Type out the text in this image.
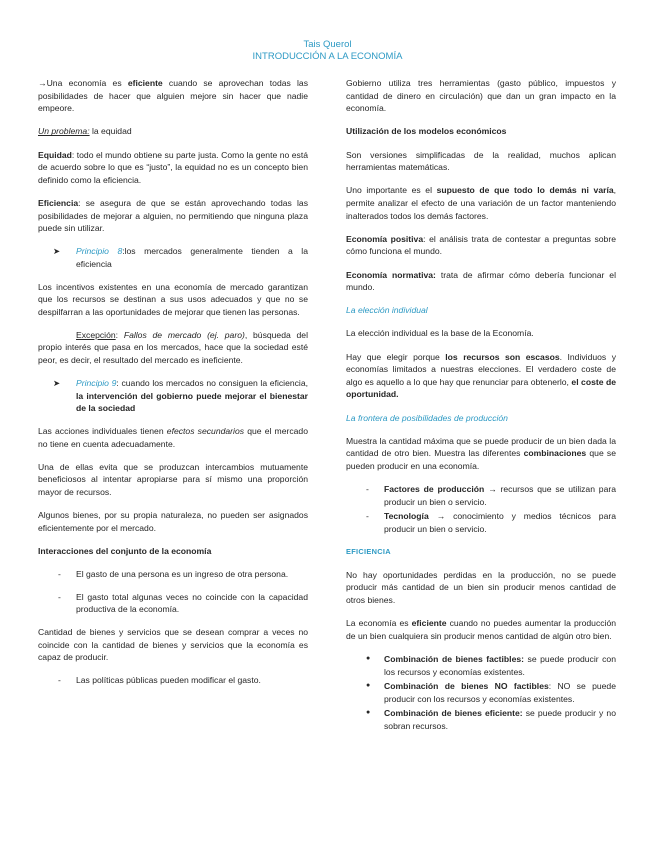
Tais Querol
INTRODUCCIÓN A LA ECONOMÍA

→Una economía es eficiente cuando se aprovechan todas las posibilidades de hacer que alguien mejore sin hacer que nadie empeore.

Un problema: la equidad

Equidad: todo el mundo obtiene su parte justa. Como la gente no está de acuerdo sobre lo que es “justo”, la equidad no es un concepto bien definido como la eficiencia.

Eficiencia: se asegura de que se están aprovechando todas las posibilidades de mejorar a alguien, no permitiendo que ninguna plaza puede sin utilizar.

➤ Principio 8:los mercados generalmente tienden a la eficiencia

Los incentivos existentes en una economía de mercado garantizan que los recursos se destinan a sus usos adecuados y que no se despilfarran a las oportunidades de mejorar que tienen las personas.

Excepción: Fallos de mercado (ej. paro), búsqueda del propio interés que pasa en los mercados, hace que la sociedad esté peor, es decir, el resultado del mercado es ineficiente.

➤ Principio 9: cuando los mercados no consiguen la eficiencia, la intervención del gobierno puede mejorar el bienestar de la sociedad

Las acciones individuales tienen efectos secundarios que el mercado no tiene en cuenta adecuadamente.

Una de ellas evita que se produzcan intercambios mutuamente beneficiosos al intentar apropiarse para sí mismo una proporción mayor de recursos.

Algunos bienes, por su propia naturaleza, no pueden ser asignados eficientemente por el mercado.

Interacciones del conjunto de la economía

- El gasto de una persona es un ingreso de otra persona.
- El gasto total algunas veces no coincide con la capacidad productiva de la economía.

Cantidad de bienes y servicios que se desean comprar a veces no coincide con la cantidad de bienes y servicios que la economía es capaz de producir.

- Las políticas públicas pueden modificar el gasto.

Gobierno utiliza tres herramientas (gasto público, impuestos y cantidad de dinero en circulación) que dan un gran impacto en la economía.

Utilización de los modelos económicos

Son versiones simplificadas de la realidad, muchos aplican herramientas matemáticas.

Uno importante es el supuesto de que todo lo demás ni varía, permite analizar el efecto de una variación de un factor manteniendo inalterados todos los demás factores.

Economía positiva: el análisis trata de contestar a preguntas sobre cómo funciona el mundo.

Economía normativa: trata de afirmar cómo debería funcionar el mundo.

La elección individual

La elección individual es la base de la Economía.

Hay que elegir porque los recursos son escasos. Individuos y economías limitados a nuestras elecciones. El verdadero coste de algo es aquello a lo que hay que renunciar para obtenerlo, el coste de oportunidad.

La frontera de posibilidades de producción

Muestra la cantidad máxima que se puede producir de un bien dada la cantidad de otro bien. Muestra las diferentes combinaciones que se pueden producir en una economía.

- Factores de producción → recursos que se utilizan para producir un bien o servicio.
- Tecnología → conocimiento y medios técnicos para producir un bien o servicio.

EFICIENCIA

No hay oportunidades perdidas en la producción, no se puede producir más cantidad de un bien sin producir menos cantidad de otros bienes.

La economía es eficiente cuando no puedes aumentar la producción de un bien cualquiera sin producir menos cantidad de algún otro bien.

● Combinación de bienes factibles: se puede producir con los recursos y economías existentes.
● Combinación de bienes NO factibles: NO se puede producir con los recursos y economías existentes.
● Combinación de bienes eficiente: se puede producir y no sobran recursos.
